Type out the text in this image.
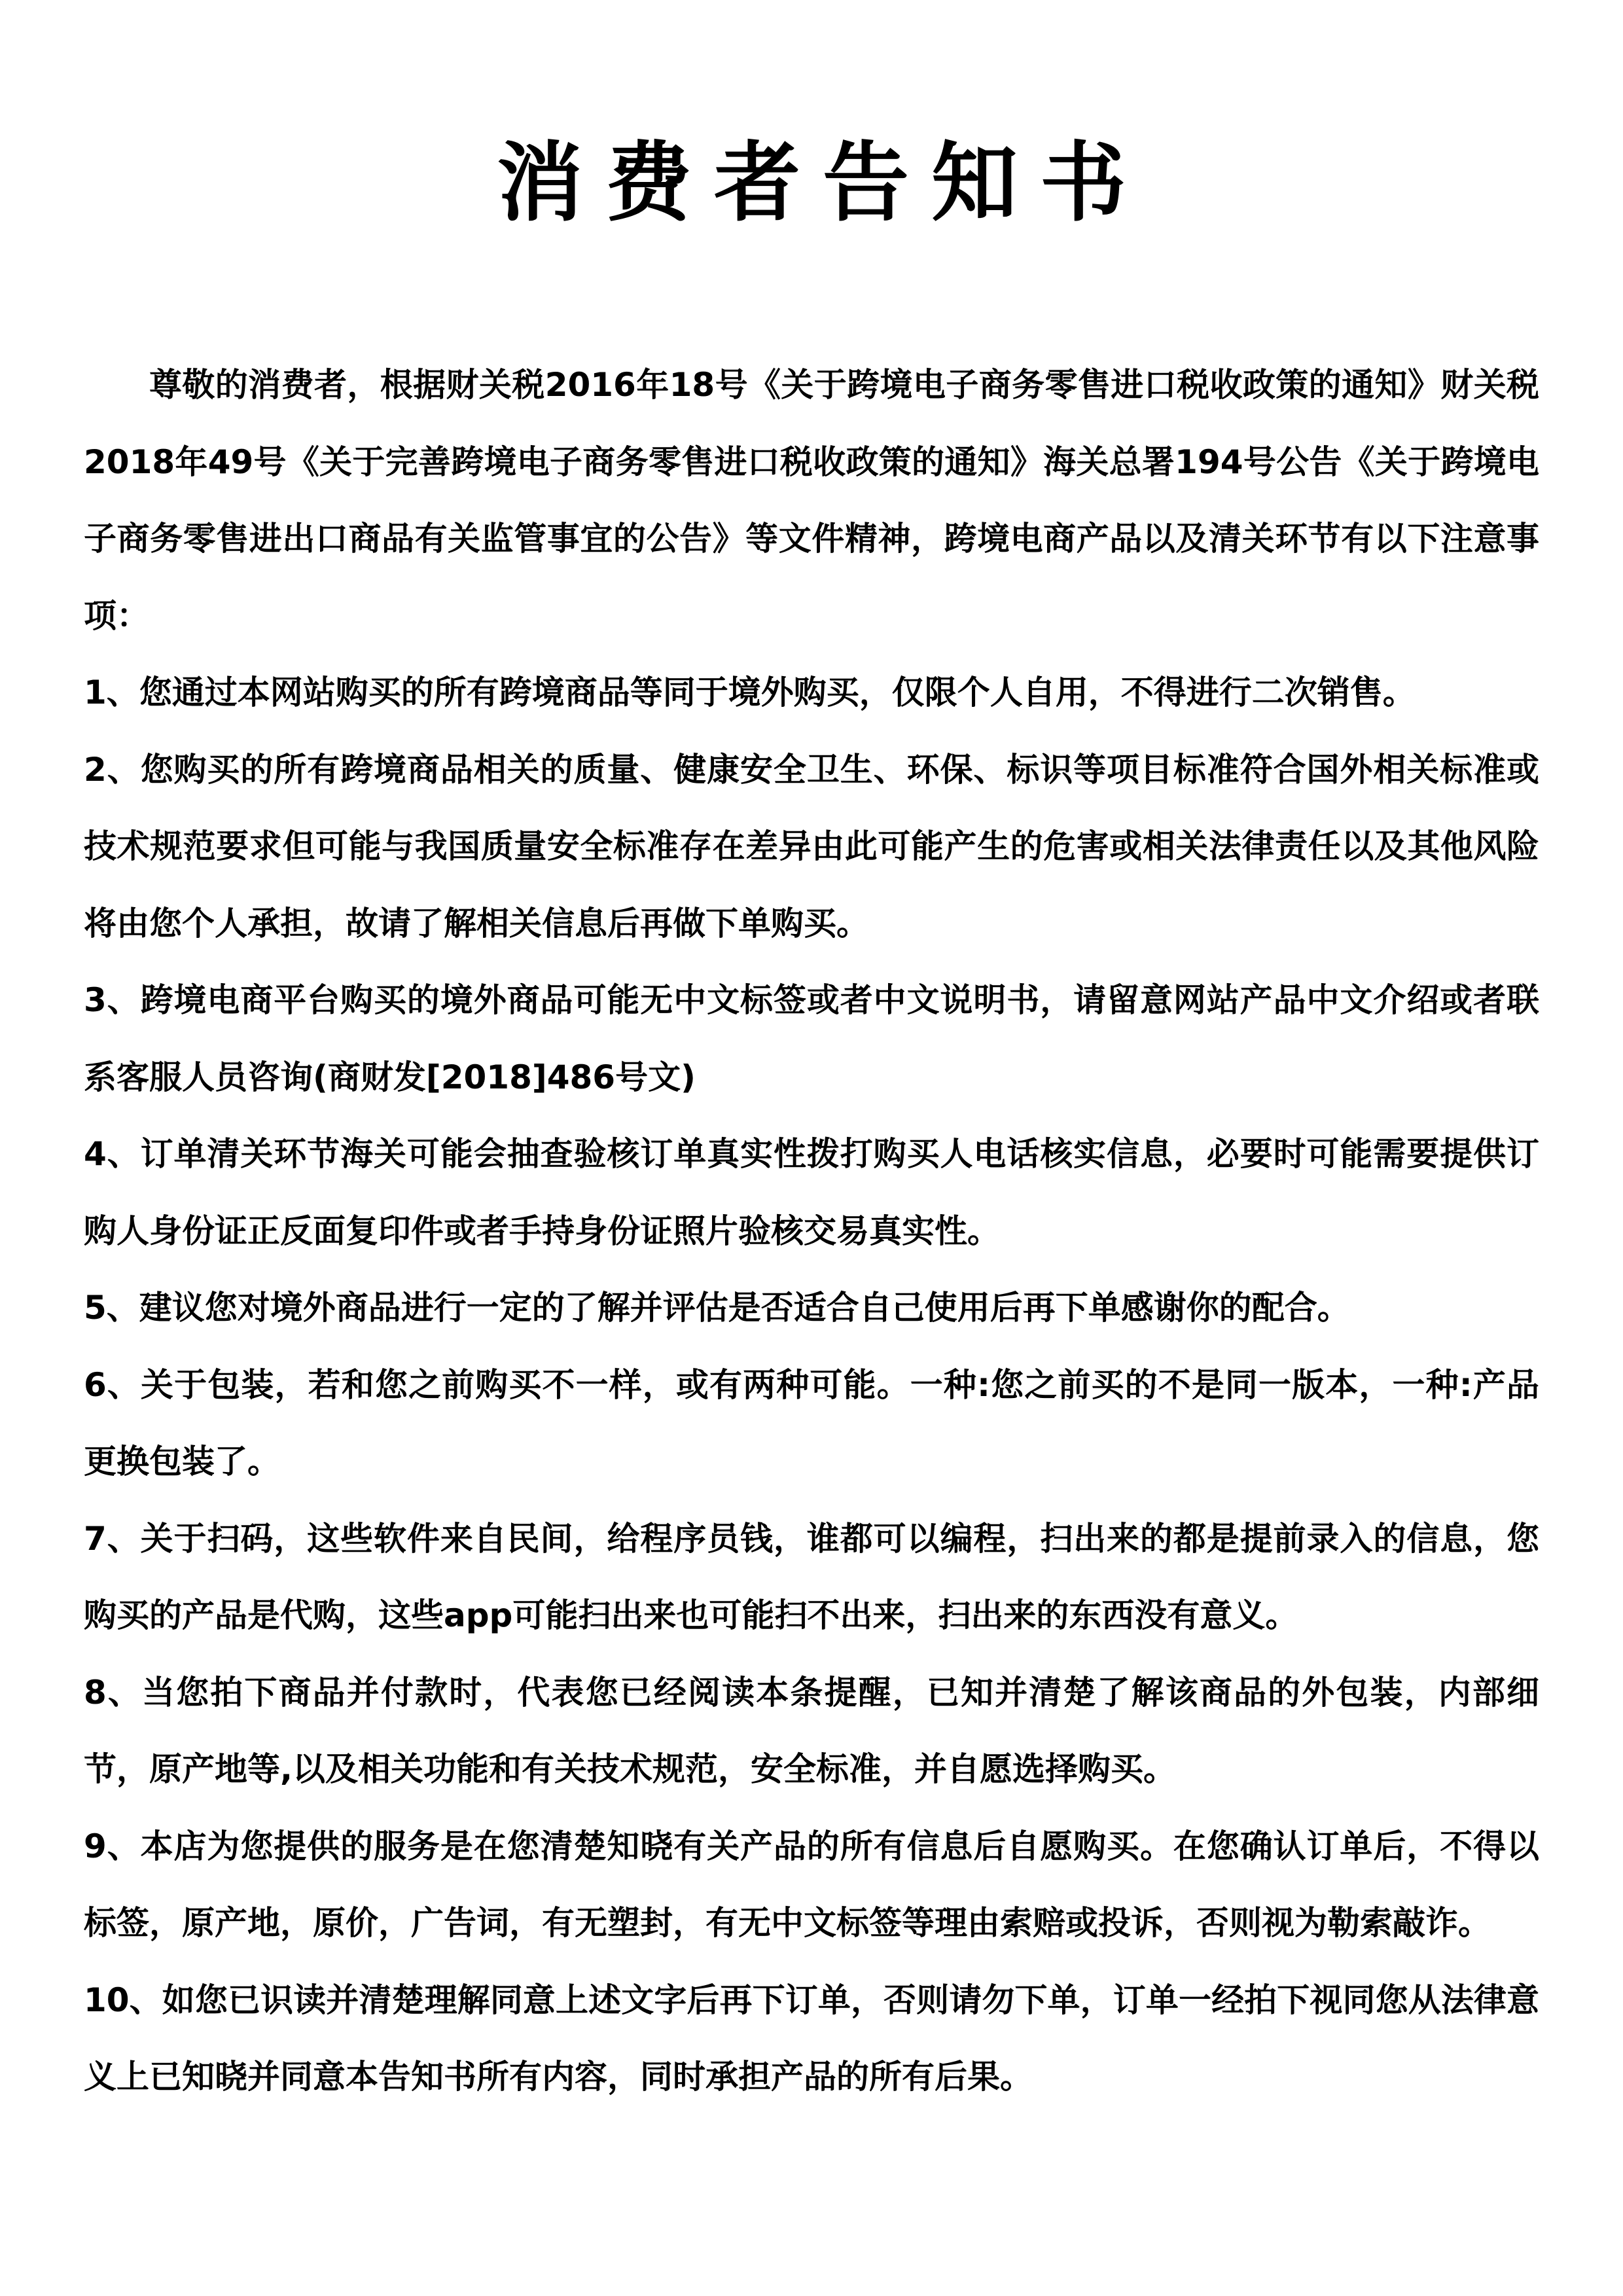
消费者告知书

尊敬的消费者，根据财关税2016年18号《关于跨境电子商务零售进口税收政策的通知》财关税2018年49号《关于完善跨境电子商务零售进口税收政策的通知》海关总署194号公告《关于跨境电子商务零售进出口商品有关监管事宜的公告》等文件精神，跨境电商产品以及清关环节有以下注意事项：

1、您通过本网站购买的所有跨境商品等同于境外购买，仅限个人自用，不得进行二次销售。

2、您购买的所有跨境商品相关的质量、健康安全卫生、环保、标识等项目标准符合国外相关标准或技术规范要求但可能与我国质量安全标准存在差异由此可能产生的危害或相关法律责任以及其他风险将由您个人承担，故请了解相关信息后再做下单购买。

3、跨境电商平台购买的境外商品可能无中文标签或者中文说明书，请留意网站产品中文介绍或者联系客服人员咨询(商财发[2018]486号文)

4、订单清关环节海关可能会抽查验核订单真实性拨打购买人电话核实信息，必要时可能需要提供订购人身份证正反面复印件或者手持身份证照片验核交易真实性。

5、建议您对境外商品进行一定的了解并评估是否适合自己使用后再下单感谢你的配合。

6、关于包装，若和您之前购买不一样，或有两种可能。一种:您之前买的不是同一版本，一种:产品更换包装了。

7、关于扫码，这些软件来自民间，给程序员钱，谁都可以编程，扫出来的都是提前录入的信息，您购买的产品是代购，这些app可能扫出来也可能扫不出来，扫出来的东西没有意义。

8、当您拍下商品并付款时，代表您已经阅读本条提醒，已知并清楚了解该商品的外包装，内部细节，原产地等,以及相关功能和有关技术规范，安全标准，并自愿选择购买。

9、本店为您提供的服务是在您清楚知晓有关产品的所有信息后自愿购买。在您确认订单后，不得以标签，原产地，原价，广告词，有无塑封，有无中文标签等理由索赔或投诉，否则视为勒索敲诈。

10、如您已识读并清楚理解同意上述文字后再下订单，否则请勿下单，订单一经拍下视同您从法律意义上已知晓并同意本告知书所有内容，同时承担产品的所有后果。
